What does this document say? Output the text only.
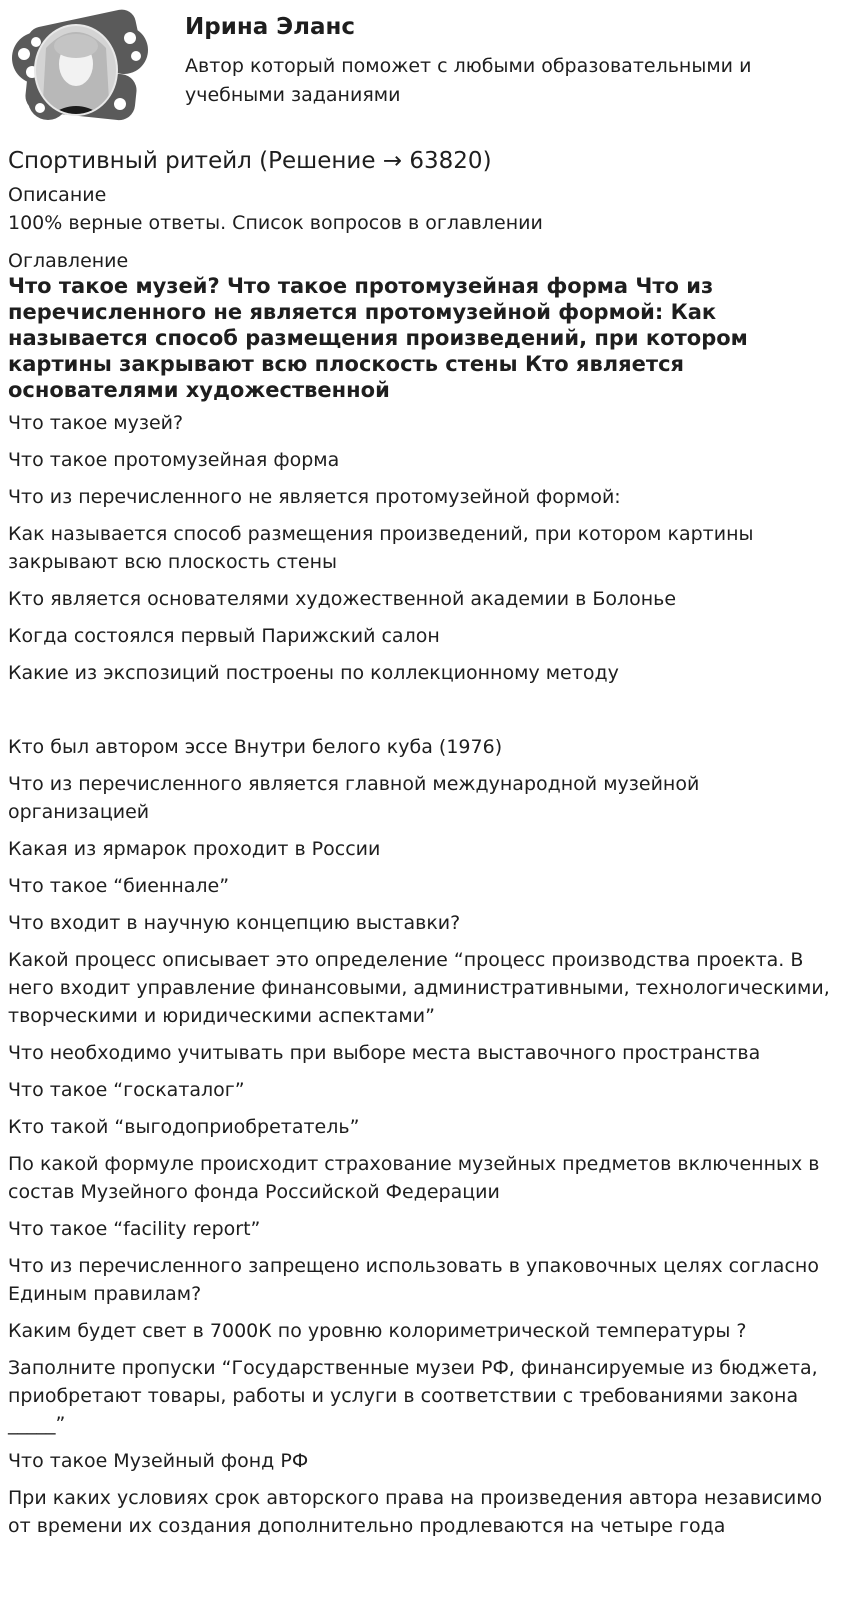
Ирина Эланс
Автор который поможет с любыми образовательными и учебными заданиями
Спортивный ритейл (Решение → 63820)
Описание
100% верные ответы. Список вопросов в оглавлении
Оглавление
Что такое музей? Что такое протомузейная форма Что из перечисленного не является протомузейной формой: Как называется способ размещения произведений, при котором картины закрывают всю плоскость стены Кто является основателями художественной
Что такое музей?
Что такое протомузейная форма
Что из перечисленного не является протомузейной формой:
Как называется способ размещения произведений, при котором картины закрывают всю плоскость стены
Кто является основателями художественной академии в Болонье
Когда состоялся первый Парижский салон
Какие из экспозиций построены по коллекционному методу
Кто был автором эссе Внутри белого куба (1976)
Что из перечисленного является главной международной музейной организацией
Какая из ярмарок проходит в России
Что такое “биеннале”
Что входит в научную концепцию выставки?
Какой процесс описывает это определение “процесс производства проекта. В него входит управление финансовыми, административными, технологическими, творческими и юридическими аспектами”
Что необходимо учитывать при выборе места выставочного пространства
Что такое “госкаталог”
Кто такой “выгодоприобретатель”
По какой формуле происходит страхование музейных предметов включенных в состав Музейного фонда Российской Федерации
Что такое “facility report”
Что из перечисленного запрещено использовать в упаковочных целях согласно Единым правилам?
Каким будет свет в 7000К по уровню колориметрической температуры ?
Заполните пропуски “Государственные музеи РФ, финансируемые из бюджета, приобретают товары, работы и услуги в соответствии с требованиями закона _____”
Что такое Музейный фонд РФ
При каких условиях срок авторского права на произведения автора независимо от времени их создания дополнительно продлеваются на четыре года
